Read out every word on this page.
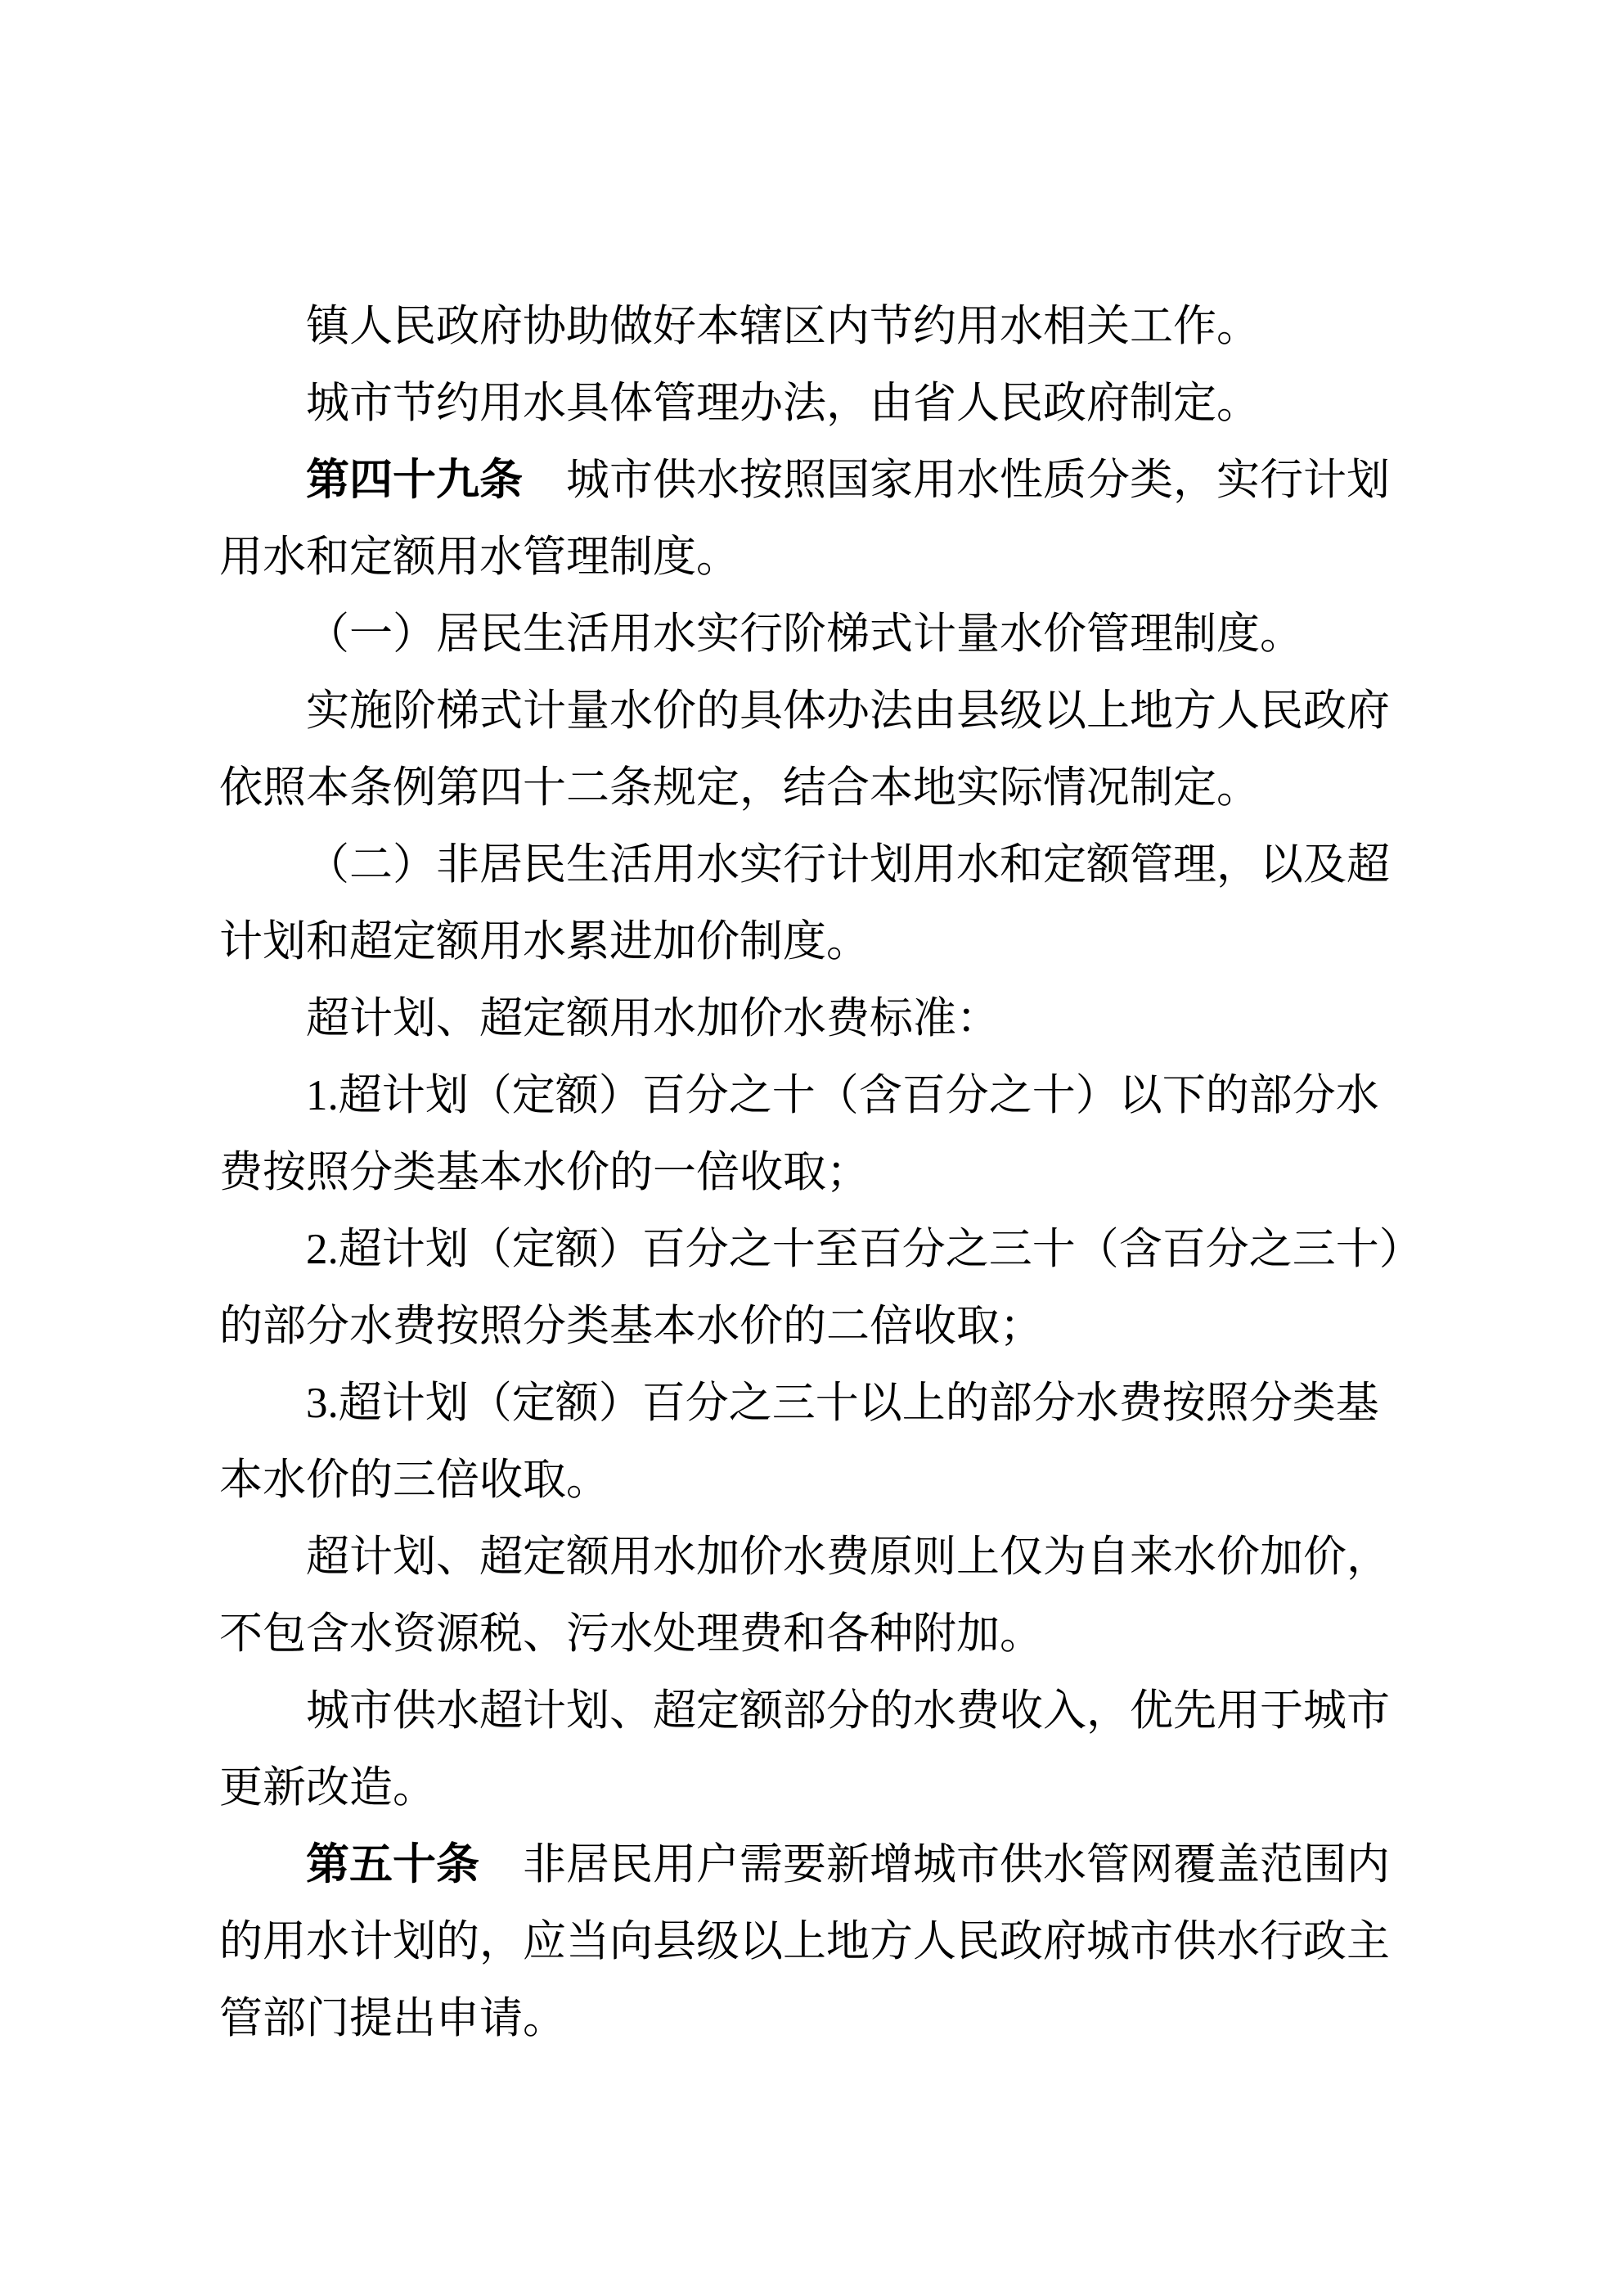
镇人民政府协助做好本辖区内节约用水相关工作。
城市节约用水具体管理办法，由省人民政府制定。
第四十九条　城市供水按照国家用水性质分类，实行计划
用水和定额用水管理制度。
（一）居民生活用水实行阶梯式计量水价管理制度。
实施阶梯式计量水价的具体办法由县级以上地方人民政府
依照本条例第四十二条规定，结合本地实际情况制定。
（二）非居民生活用水实行计划用水和定额管理，以及超
计划和超定额用水累进加价制度。
超计划、超定额用水加价水费标准：
1.超计划（定额）百分之十（含百分之十）以下的部分水
费按照分类基本水价的一倍收取；
2.超计划（定额）百分之十至百分之三十（含百分之三十）
的部分水费按照分类基本水价的二倍收取；
3.超计划（定额）百分之三十以上的部分水费按照分类基
本水价的三倍收取。
超计划、超定额用水加价水费原则上仅为自来水价加价，
不包含水资源税、污水处理费和各种附加。
城市供水超计划、超定额部分的水费收入，优先用于城市
更新改造。
第五十条　非居民用户需要新增城市供水管网覆盖范围内
的用水计划的，应当向县级以上地方人民政府城市供水行政主
管部门提出申请。
